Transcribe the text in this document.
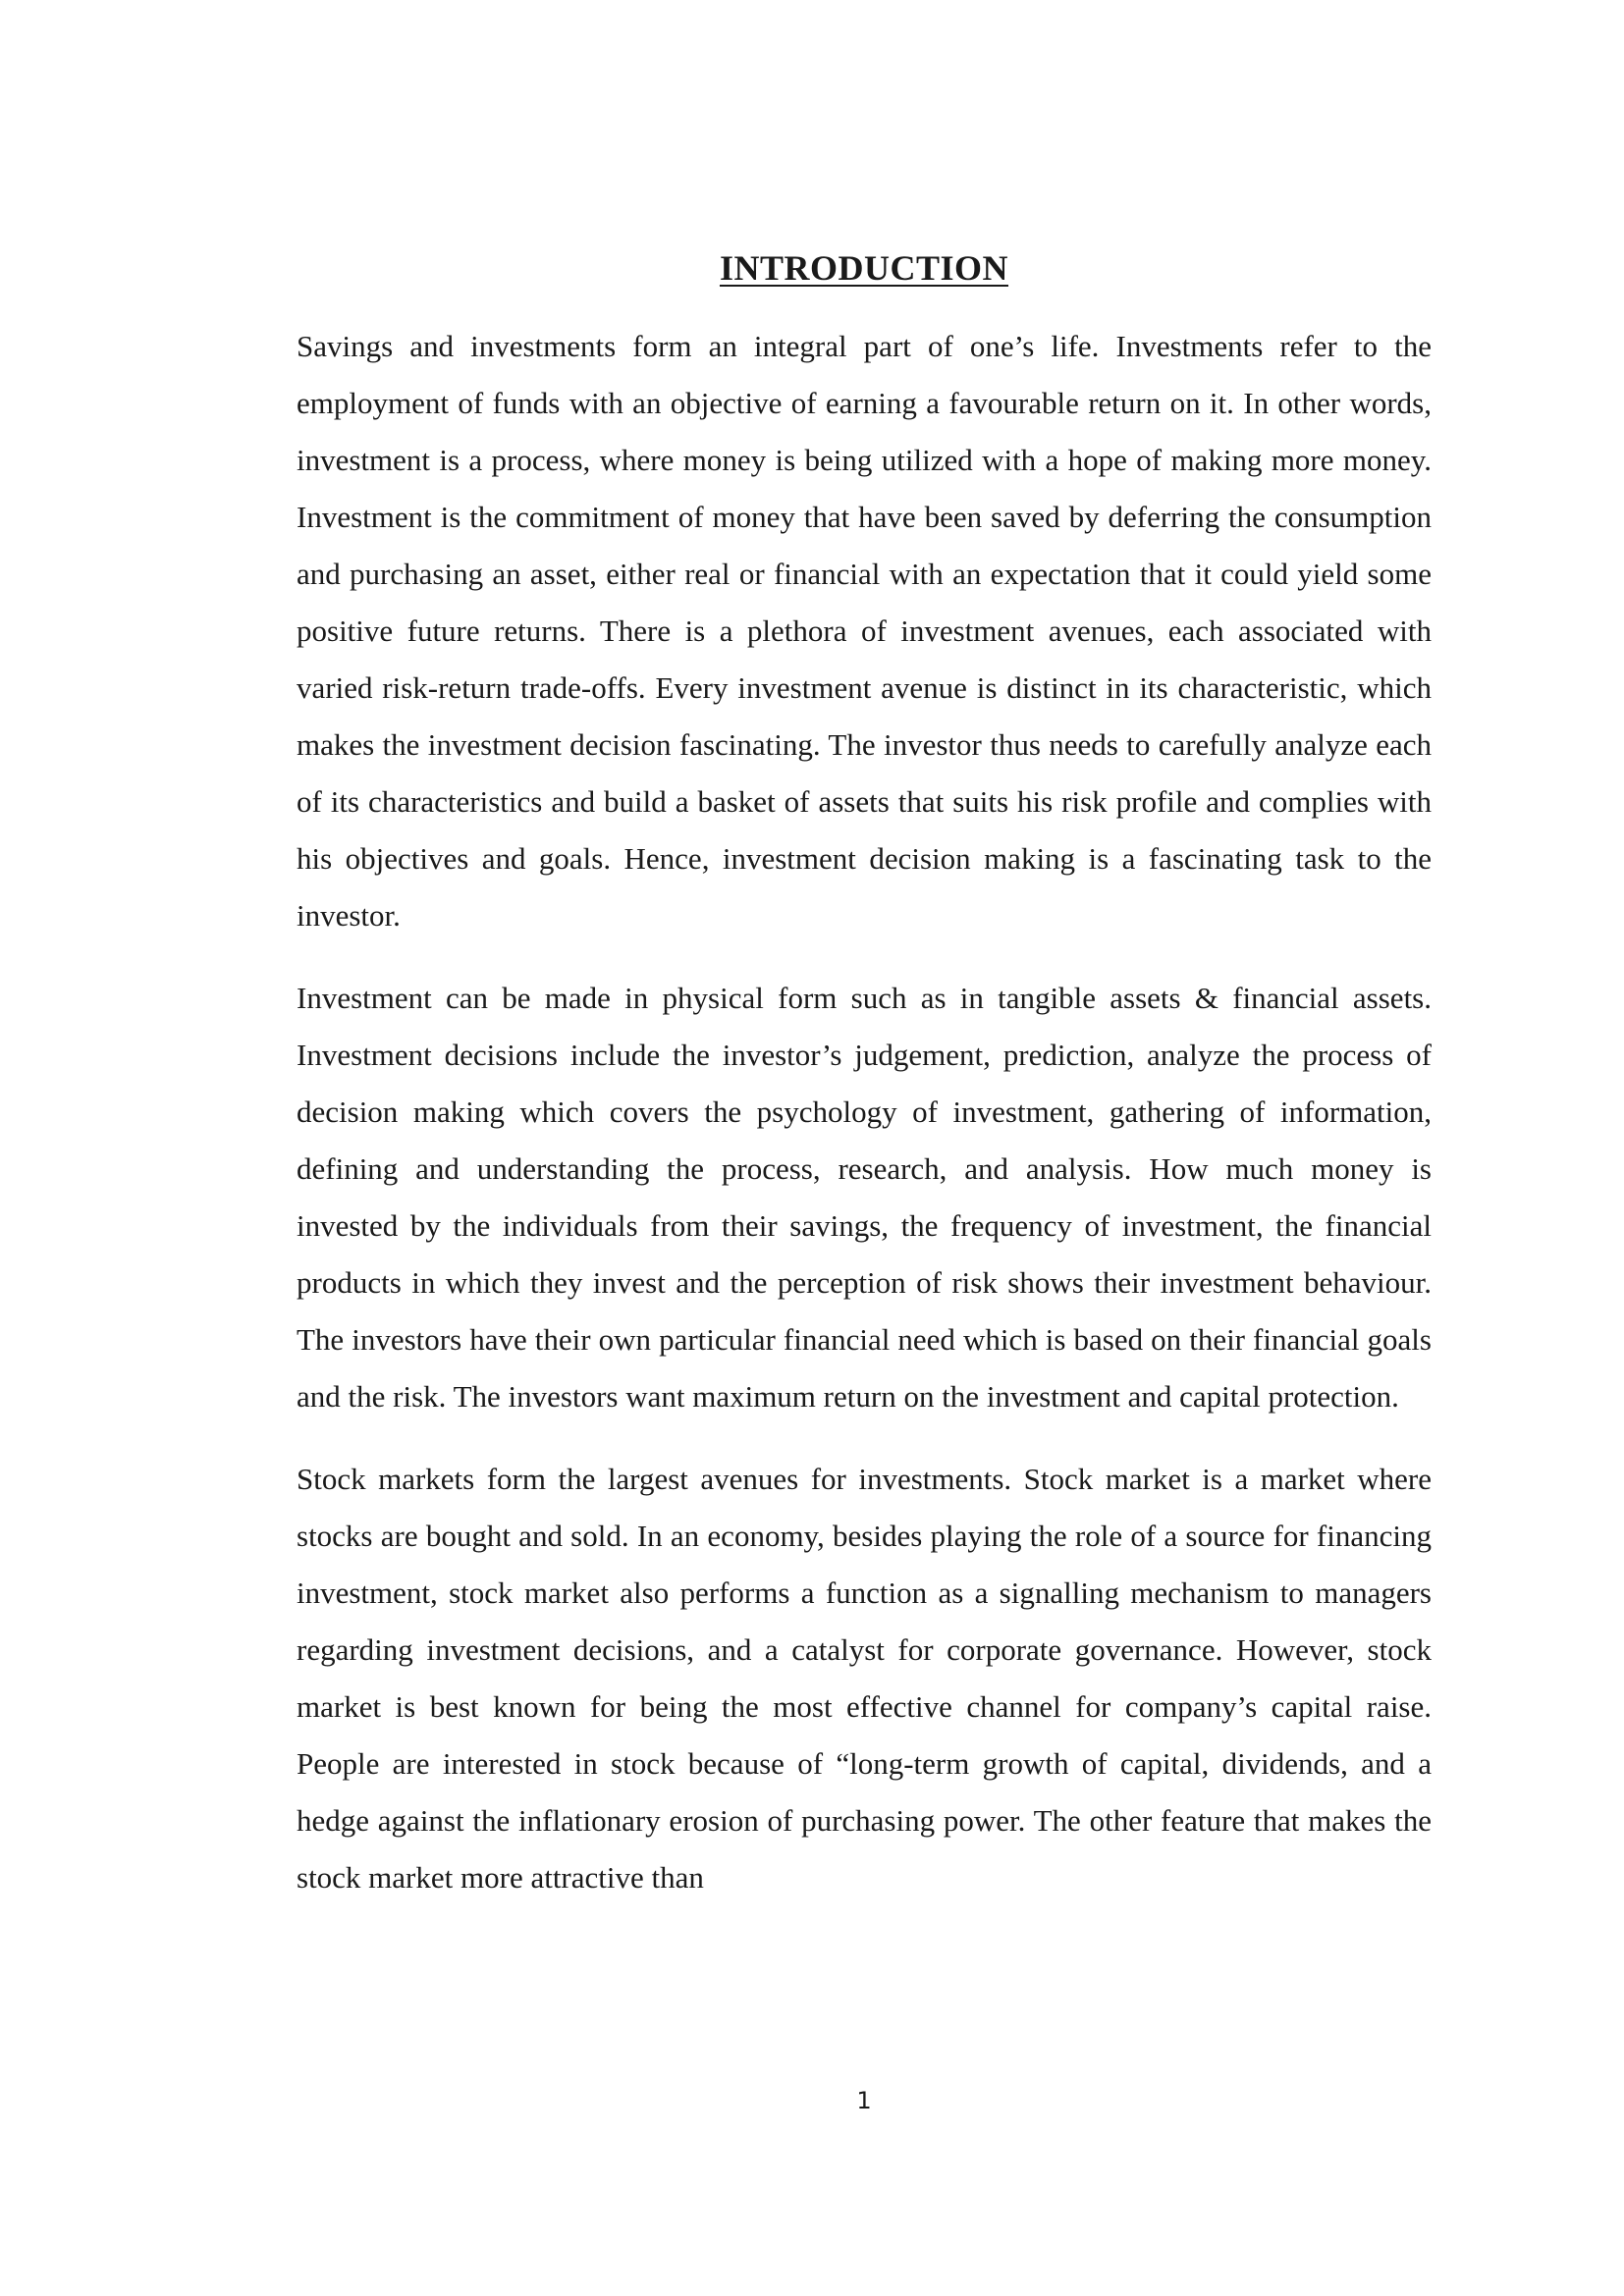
INTRODUCTION

Savings and investments form an integral part of one’s life. Investments refer to the employment of funds with an objective of earning a favourable return on it. In other words, investment is a process, where money is being utilized with a hope of making more money. Investment is the commitment of money that have been saved by deferring the consumption and purchasing an asset, either real or financial with an expectation that it could yield some positive future returns. There is a plethora of investment avenues, each associated with varied risk-return trade-offs. Every investment avenue is distinct in its characteristic, which makes the investment decision fascinating. The investor thus needs to carefully analyze each of its characteristics and build a basket of assets that suits his risk profile and complies with his objectives and goals. Hence, investment decision making is a fascinating task to the investor.

Investment can be made in physical form such as in tangible assets & financial assets. Investment decisions include the investor’s judgement, prediction, analyze the process of decision making which covers the psychology of investment, gathering of information, defining and understanding the process, research, and analysis. How much money is invested by the individuals from their savings, the frequency of investment, the financial products in which they invest and the perception of risk shows their investment behaviour. The investors have their own particular financial need which is based on their financial goals and the risk. The investors want maximum return on the investment and capital protection.

Stock markets form the largest avenues for investments. Stock market is a market where stocks are bought and sold. In an economy, besides playing the role of a source for financing investment, stock market also performs a function as a signalling mechanism to managers regarding investment decisions, and a catalyst for corporate governance. However, stock market is best known for being the most effective channel for company’s capital raise. People are interested in stock because of “long-term growth of capital, dividends, and a hedge against the inflationary erosion of purchasing power. The other feature that makes the stock market more attractive than

1
